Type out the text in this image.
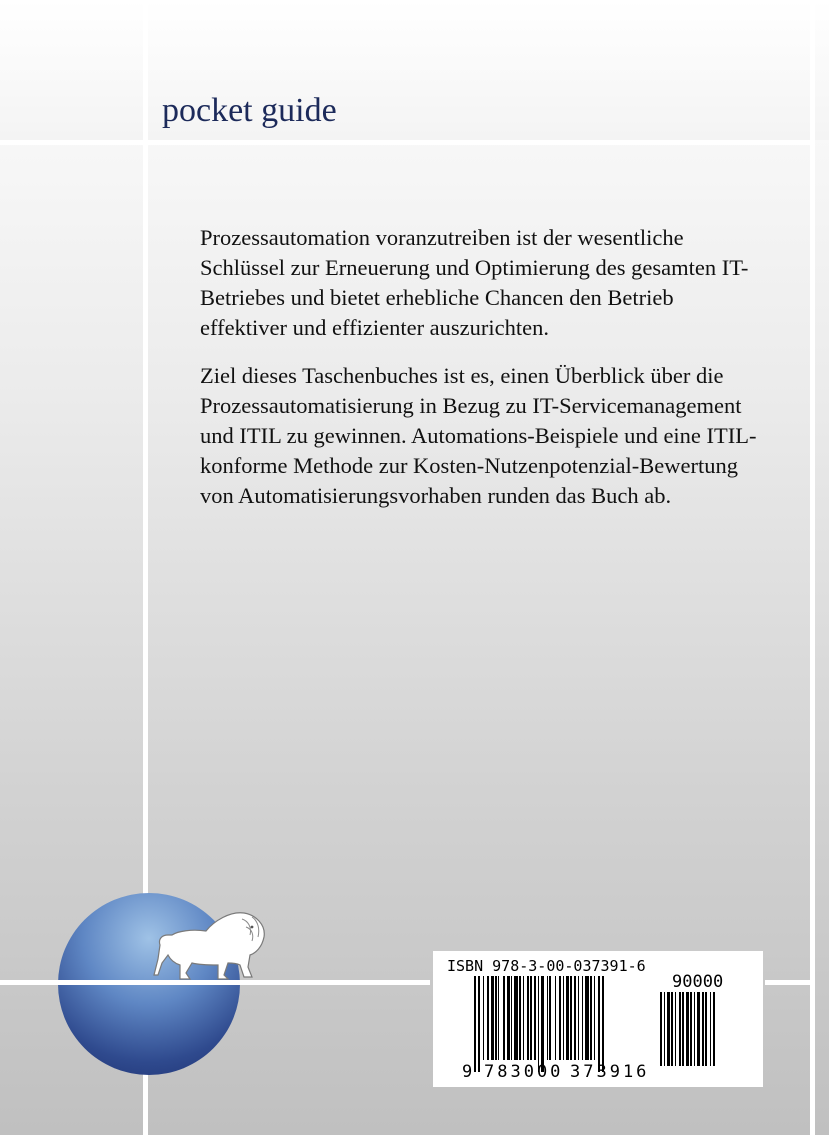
pocket guide

Prozessautomation voranzutreiben ist der wesentliche Schlüssel zur Erneuerung und Optimierung des gesamten IT-Betriebes und bietet erhebliche Chancen den Betrieb effektiver und effizienter auszurichten.

Ziel dieses Taschenbuches ist es, einen Überblick über die Prozessautomatisierung in Bezug zu IT-Servicemanagement und ITIL zu gewinnen. Automations-Beispiele und eine ITIL-konforme Methode zur Kosten-Nutzenpotenzial-Bewertung von Automatisierungsvorhaben runden das Buch ab.

ISBN 978-3-00-037391-6
90000
9 783000 373916
